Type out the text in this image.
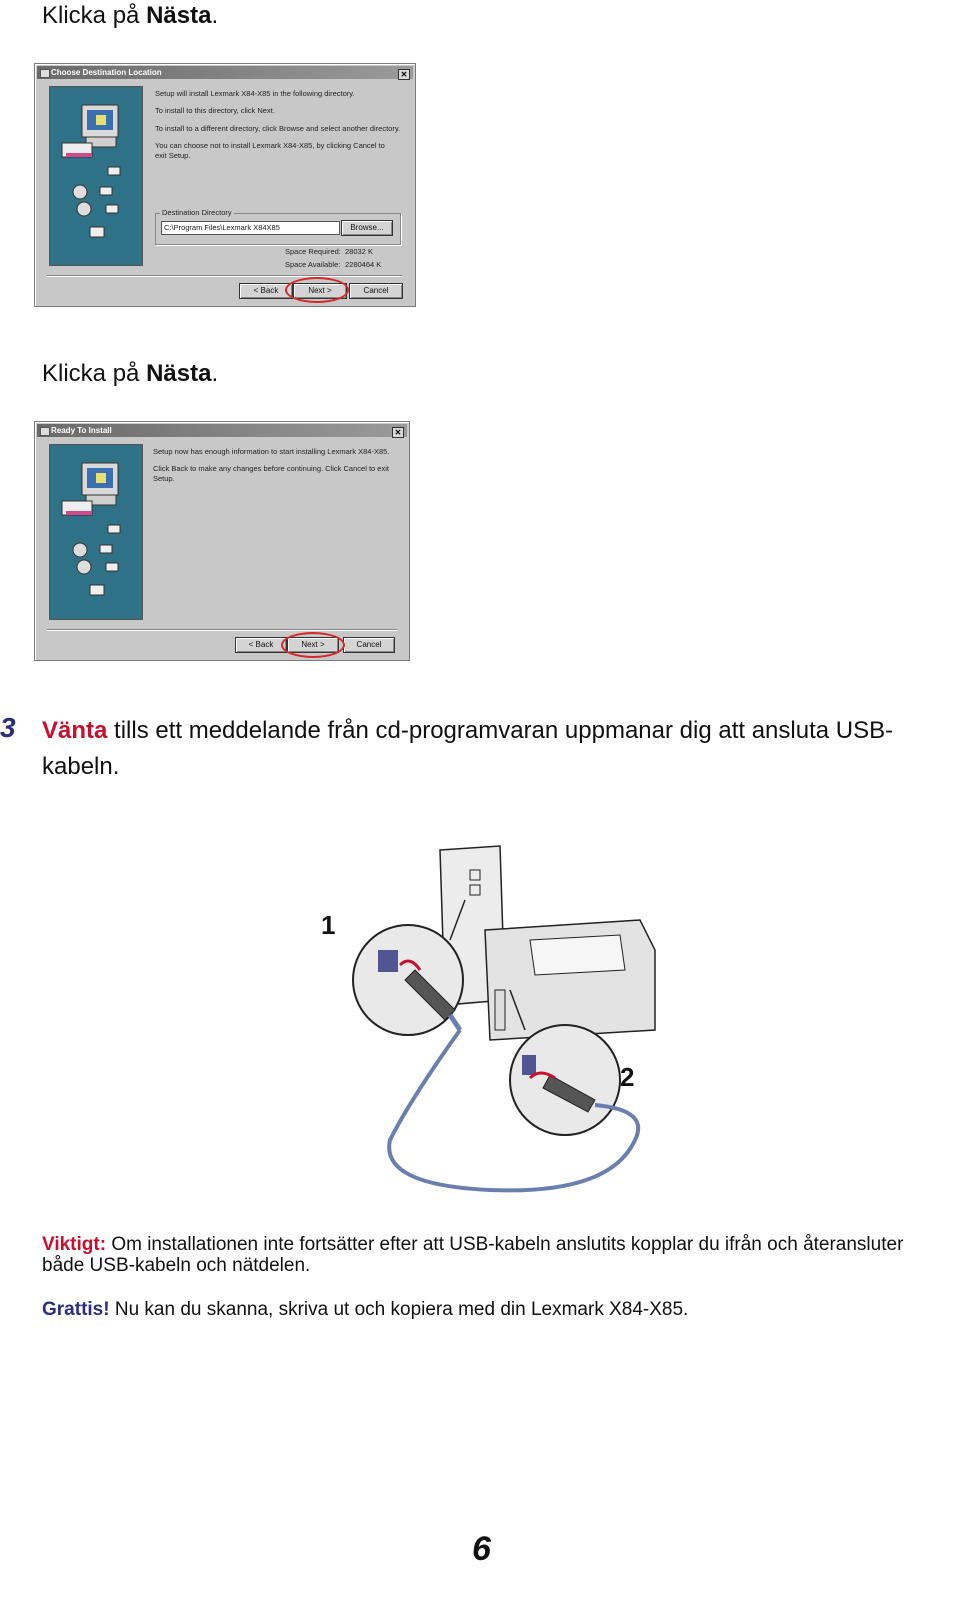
Klicka på Nästa.
Choose Destination Location	✕
Setup will install Lexmark X84-X85 in the following directory.
To install to this directory, click Next.
To install to a different directory, click Browse and select another directory.
You can choose not to install Lexmark X84-X85, by clicking Cancel to exit Setup.
Destination Directory
C:\Program Files\Lexmark X84X85	Browse...
Space Required: 28032 K
Space Available: 2280464 K
< Back	Next >	Cancel
Klicka på Nästa.
Ready To Install	✕
Setup now has enough information to start installing Lexmark X84-X85.
Click Back to make any changes before continuing. Click Cancel to exit Setup.
< Back	Next >	Cancel
3 Vänta tills ett meddelande från cd-programvaran uppmanar dig att ansluta USB-kabeln.
1
2
Viktigt: Om installationen inte fortsätter efter att USB-kabeln anslutits kopplar du ifrån och återansluter både USB-kabeln och nätdelen.
Grattis! Nu kan du skanna, skriva ut och kopiera med din Lexmark X84-X85.
6
